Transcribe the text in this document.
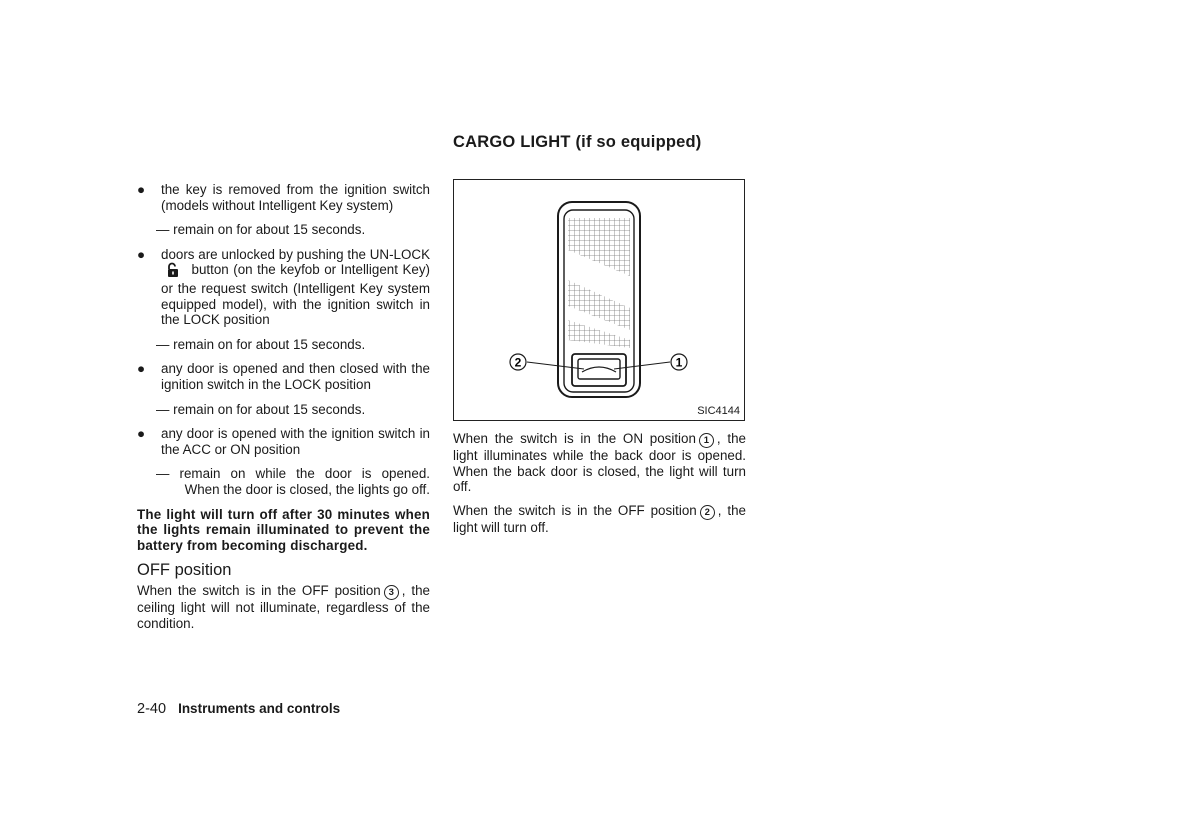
● the key is removed from the ignition switch (models without Intelligent Key system)
— remain on for about 15 seconds.
● doors are unlocked by pushing the UN-LOCK  button (on the keyfob or Intelligent Key) or the request switch (Intelligent Key system equipped model), with the ignition switch in the LOCK position
— remain on for about 15 seconds.
● any door is opened and then closed with the ignition switch in the LOCK position
— remain on for about 15 seconds.
● any door is opened with the ignition switch in the ACC or ON position
— remain on while the door is opened.
When the door is closed, the lights go off.

The light will turn off after 30 minutes when the lights remain illuminated to prevent the battery from becoming discharged.

OFF position

When the switch is in the OFF position 3 , the ceiling light will not illuminate, regardless of the condition.

CARGO LIGHT (if so equipped)
2	1
SIC4144

When the switch is in the ON position 1 , the light illuminates while the back door is opened. When the back door is closed, the light will turn off.

When the switch is in the OFF position 2 , the light will turn off.

2-40 Instruments and controls
